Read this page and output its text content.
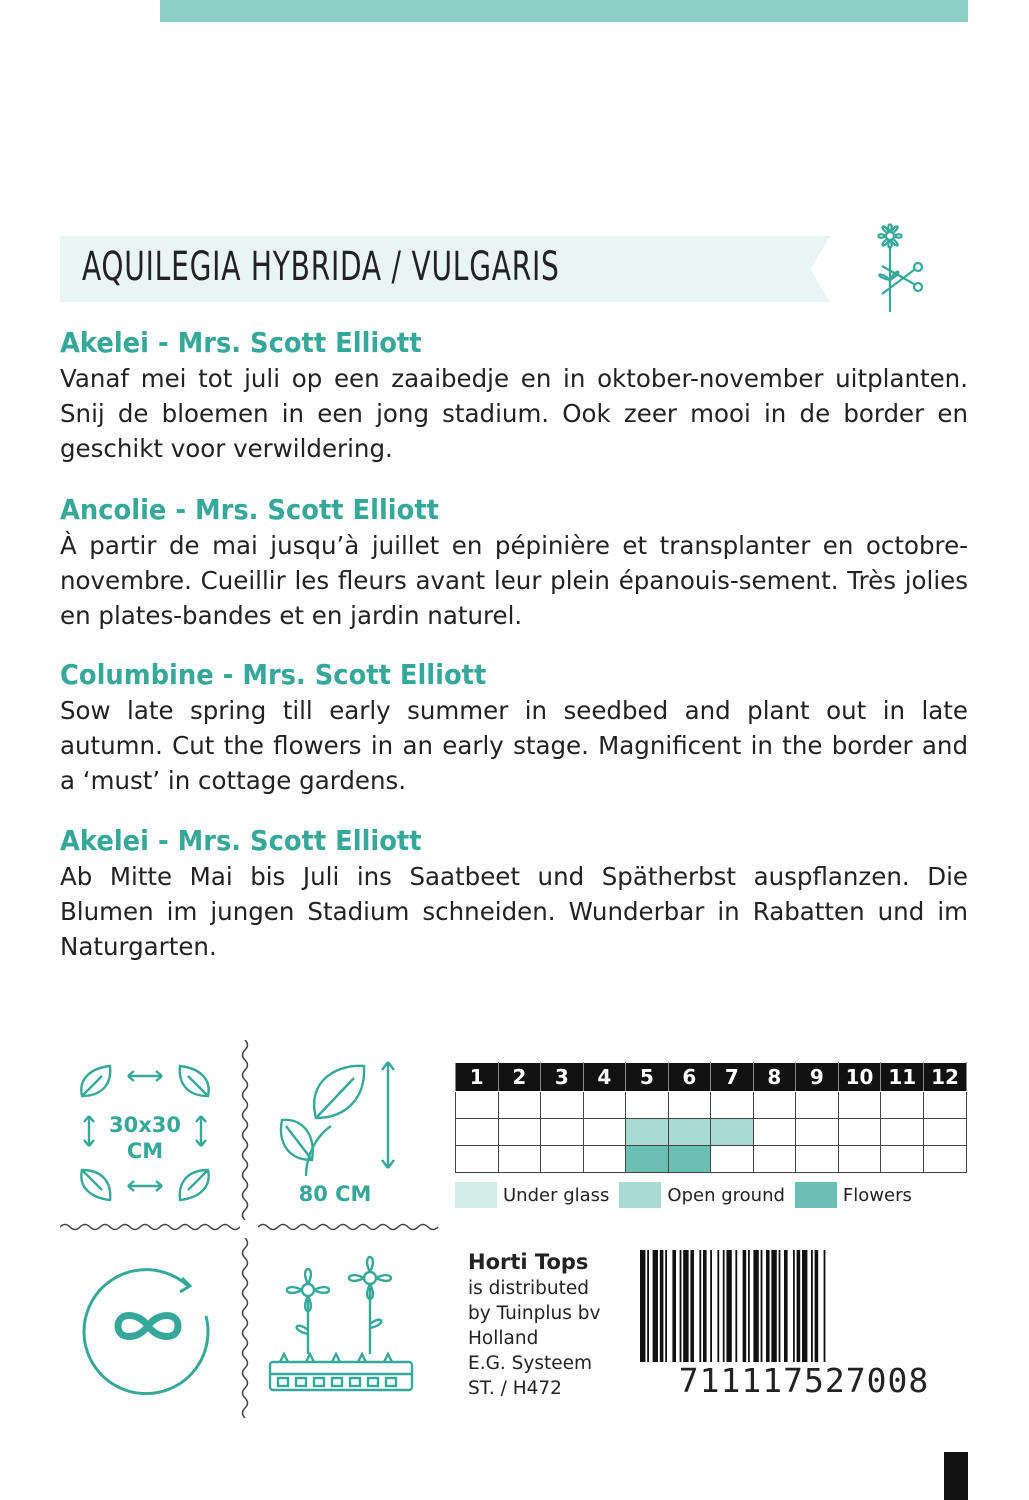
AQUILEGIA HYBRIDA / VULGARIS
Akelei - Mrs. Scott Elliott

Vanaf mei tot juli op een zaaibedje en in oktober-november uitplanten. Snij de bloemen in een jong stadium. Ook zeer mooi in de border en geschikt voor verwildering.

Ancolie - Mrs. Scott Elliott

À partir de mai jusqu’à juillet en pépinière et transplanter en octobre-novembre. Cueillir les fleurs avant leur plein épanouis-sement. Très jolies en plates-bandes et en jardin naturel.

Columbine - Mrs. Scott Elliott

Sow late spring till early summer in seedbed and plant out in late autumn. Cut the flowers in an early stage. Magnificent in the border and a ‘must’ in cottage gardens.

Akelei - Mrs. Scott Elliott

Ab Mitte Mai bis Juli ins Saatbeet und Spätherbst auspflanzen. Die Blumen im jungen Stadium schneiden. Wunderbar in Rabatten und im Naturgarten.

30x30
CM
80 CM
1	2	3	4	5	6	7	8	9	10	11	12

Under glass	Open ground	Flowers
Horti Tops
is distributed
by Tuinplus bv
Holland
E.G. Systeem
ST. / H472	711117527008
